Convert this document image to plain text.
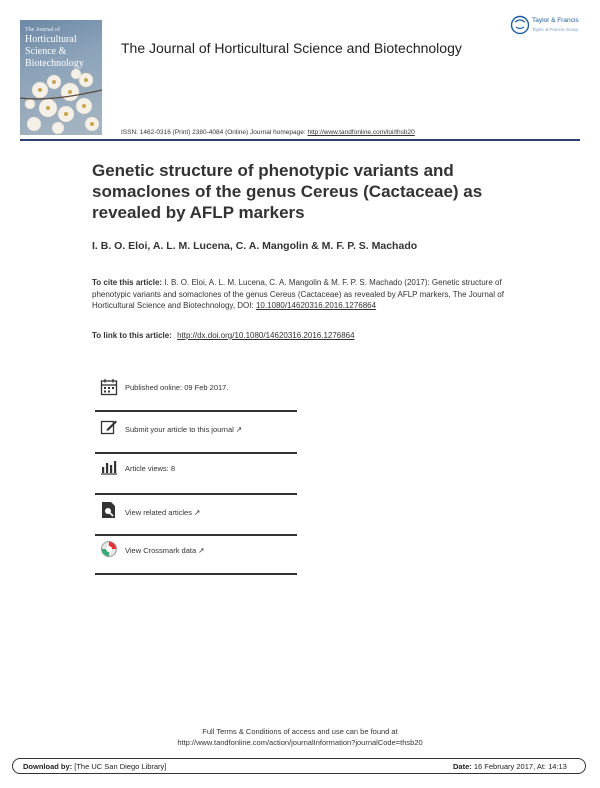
The Journal of
Horticultural
Science &
Biotechnology
The Journal of Horticultural Science and Biotechnology
Taylor & Francis
Taylor & Francis Group
ISSN: 1462-0316 (Print) 2380-4084 (Online) Journal homepage: http://www.tandfonline.com/loi/thsb20
Genetic structure of phenotypic variants and somaclones of the genus Cereus (Cactaceae) as revealed by AFLP markers
I. B. O. Eloi, A. L. M. Lucena, C. A. Mangolin & M. F. P. S. Machado
To cite this article: I. B. O. Eloi, A. L. M. Lucena, C. A. Mangolin & M. F. P. S. Machado (2017): Genetic structure of phenotypic variants and somaclones of the genus Cereus (Cactaceae) as revealed by AFLP markers, The Journal of Horticultural Science and Biotechnology, DOI: 10.1080/14620316.2016.1276864
To link to this article: http://dx.doi.org/10.1080/14620316.2016.1276864
Published online: 09 Feb 2017.
Submit your article to this journal ↗
Article views: 8
View related articles ↗
View Crossmark data ↗
Full Terms & Conditions of access and use can be found at
http://www.tandfonline.com/action/journalInformation?journalCode=thsb20
Download by: [The UC San Diego Library]	Date: 16 February 2017, At: 14:13
